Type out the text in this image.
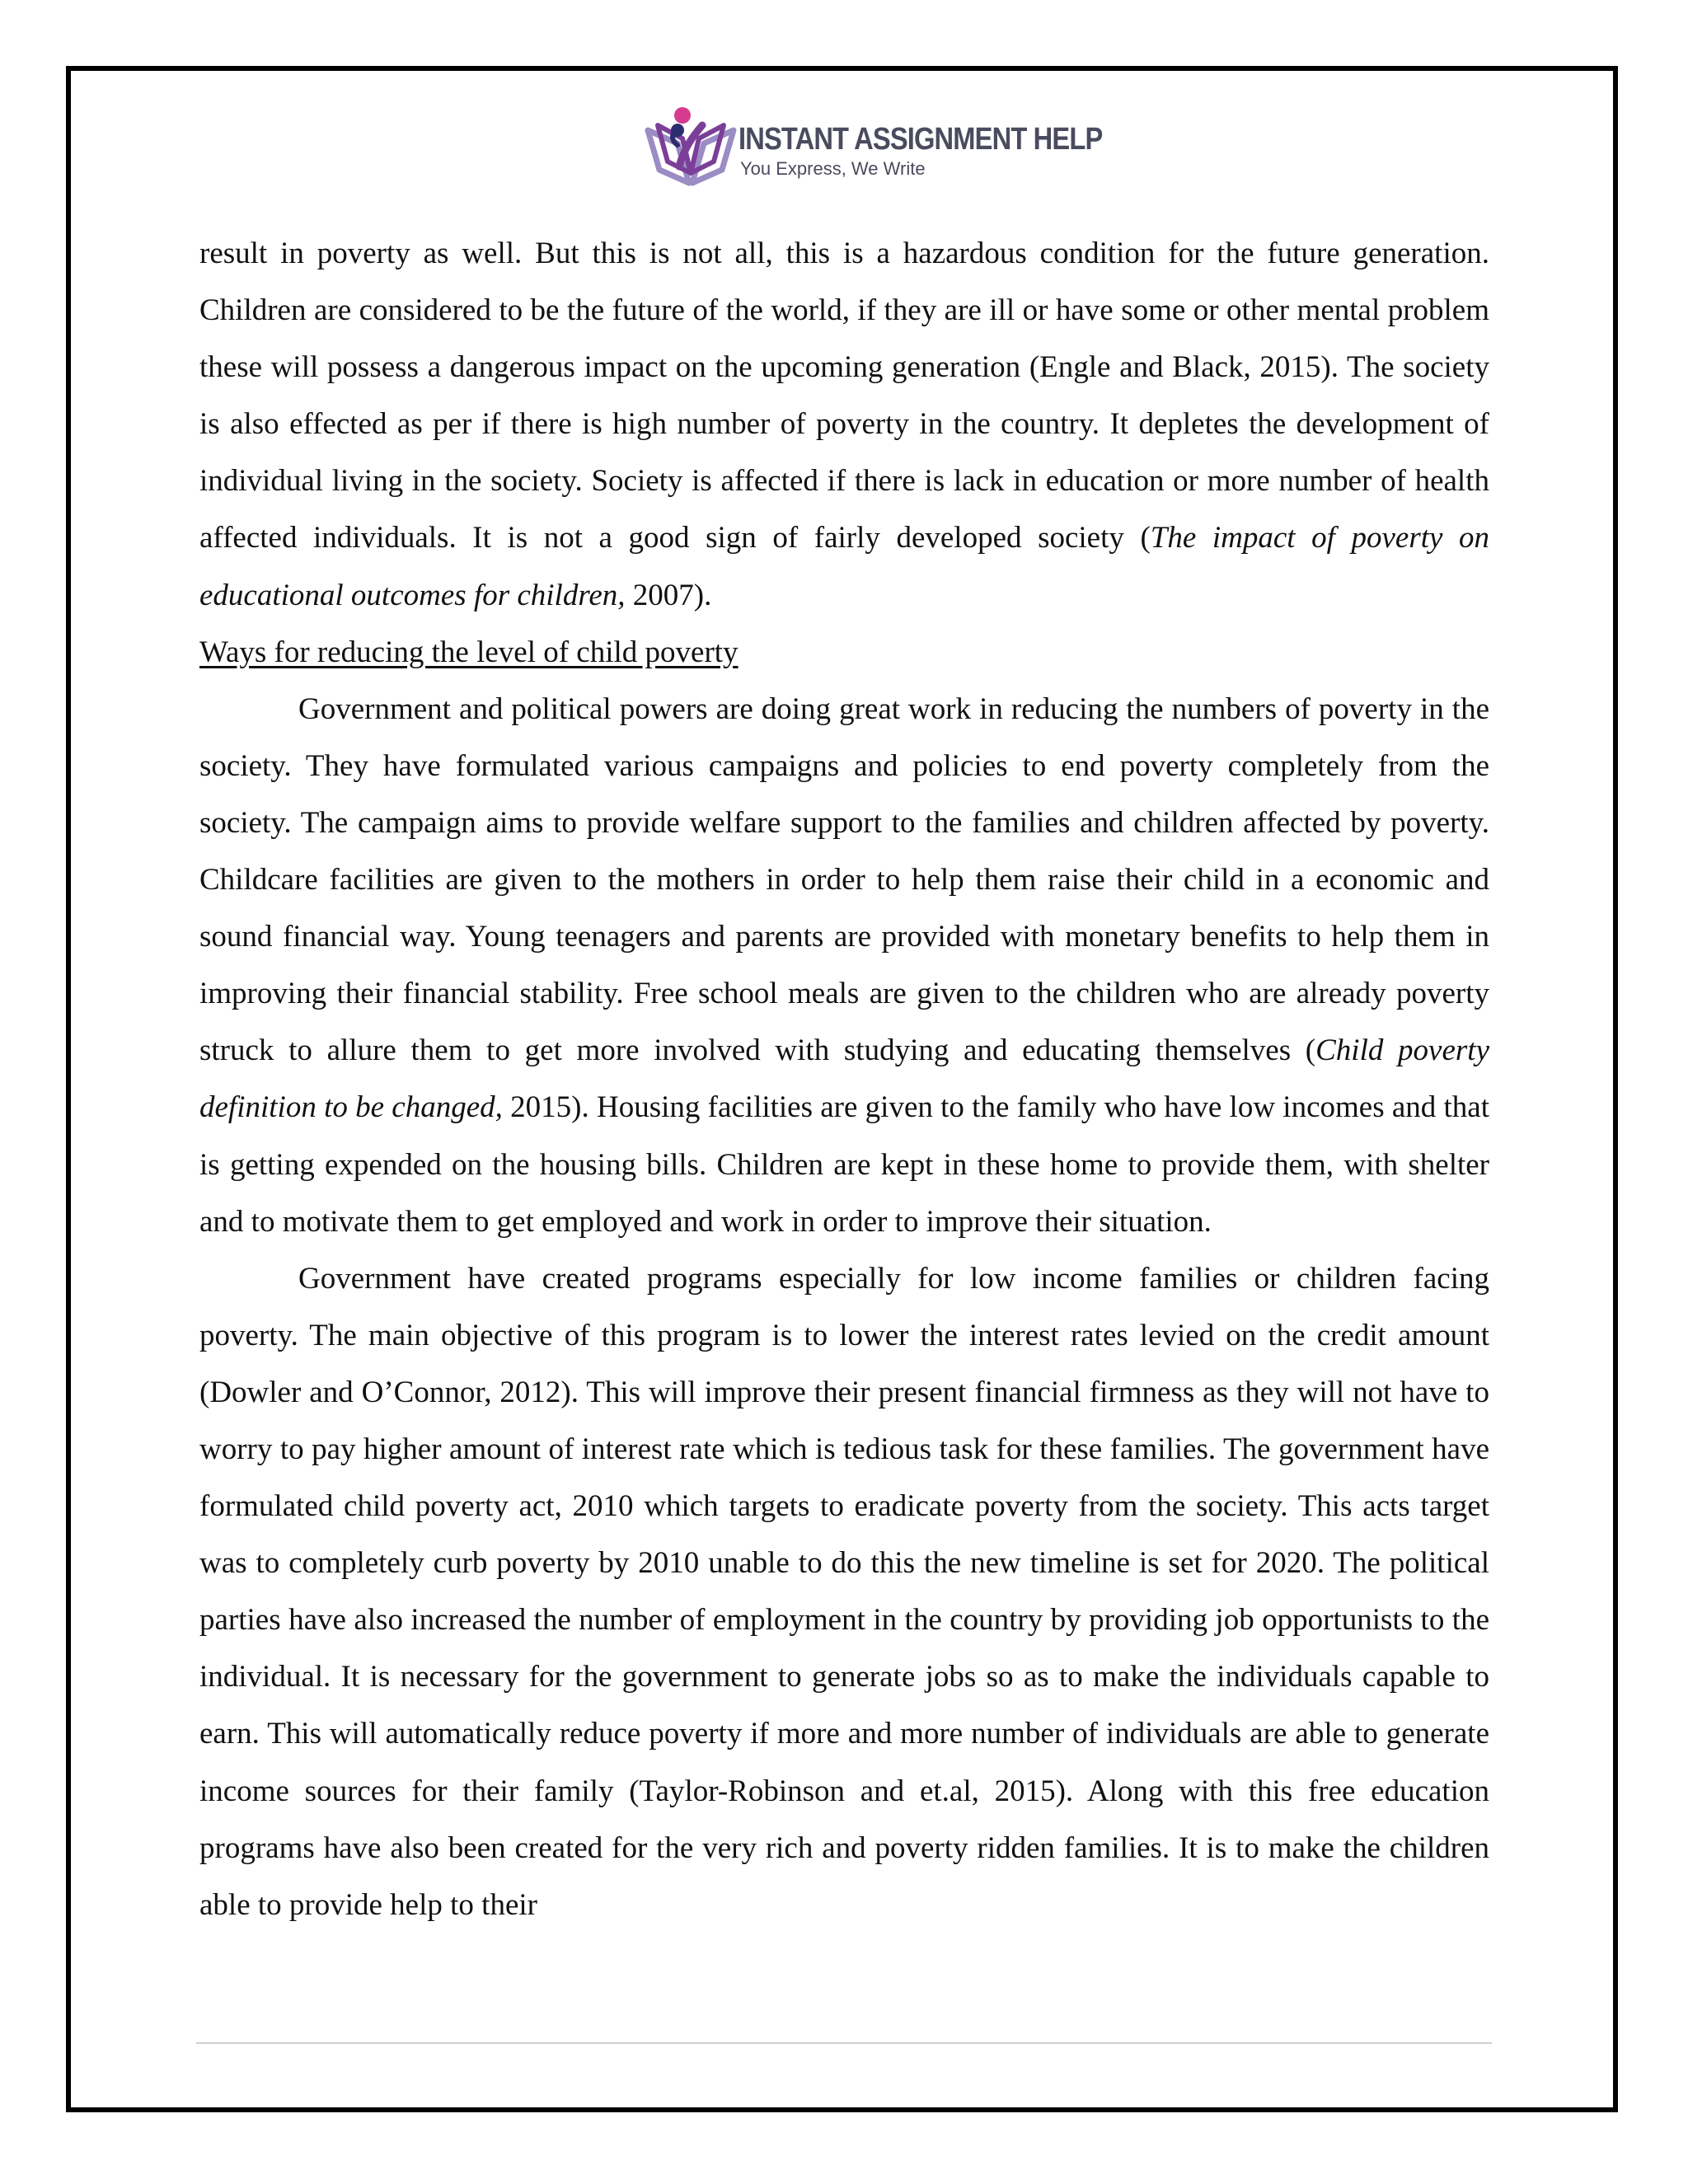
INSTANT ASSIGNMENT HELP
You Express, We Write

result in poverty as well. But this is not all, this is a hazardous condition for the future generation. Children are considered to be the future of the world, if they are ill or have some or other mental problem these will possess a dangerous impact on the upcoming generation (Engle and Black, 2015). The society is also effected as per if there is high number of poverty in the country. It depletes the development of individual living in the society. Society is affected if there is lack in education or more number of health affected individuals. It is not a good sign of fairly developed society (The impact of poverty on educational outcomes for children, 2007).

Ways for reducing the level of child poverty

Government and political powers are doing great work in reducing the numbers of poverty in the society. They have formulated various campaigns and policies to end poverty completely from the society. The campaign aims to provide welfare support to the families and children affected by poverty. Childcare facilities are given to the mothers in order to help them raise their child in a economic and sound financial way. Young teenagers and parents are provided with monetary benefits to help them in improving their financial stability. Free school meals are given to the children who are already poverty struck to allure them to get more involved with studying and educating themselves (Child poverty definition to be changed, 2015). Housing facilities are given to the family who have low incomes and that is getting expended on the housing bills. Children are kept in these home to provide them, with shelter and to motivate them to get employed and work in order to improve their situation.

Government have created programs especially for low income families or children facing poverty. The main objective of this program is to lower the interest rates levied on the credit amount (Dowler and O’Connor, 2012). This will improve their present financial firmness as they will not have to worry to pay higher amount of interest rate which is tedious task for these families. The government have formulated child poverty act, 2010 which targets to eradicate poverty from the society. This acts target was to completely curb poverty by 2010 unable to do this the new timeline is set for 2020. The political parties have also increased the number of employment in the country by providing job opportunists to the individual. It is necessary for the government to generate jobs so as to make the individuals capable to earn. This will automatically reduce poverty if more and more number of individuals are able to generate income sources for their family (Taylor-Robinson and et.al, 2015). Along with this free education programs have also been created for the very rich and poverty ridden families. It is to make the children able to provide help to their
